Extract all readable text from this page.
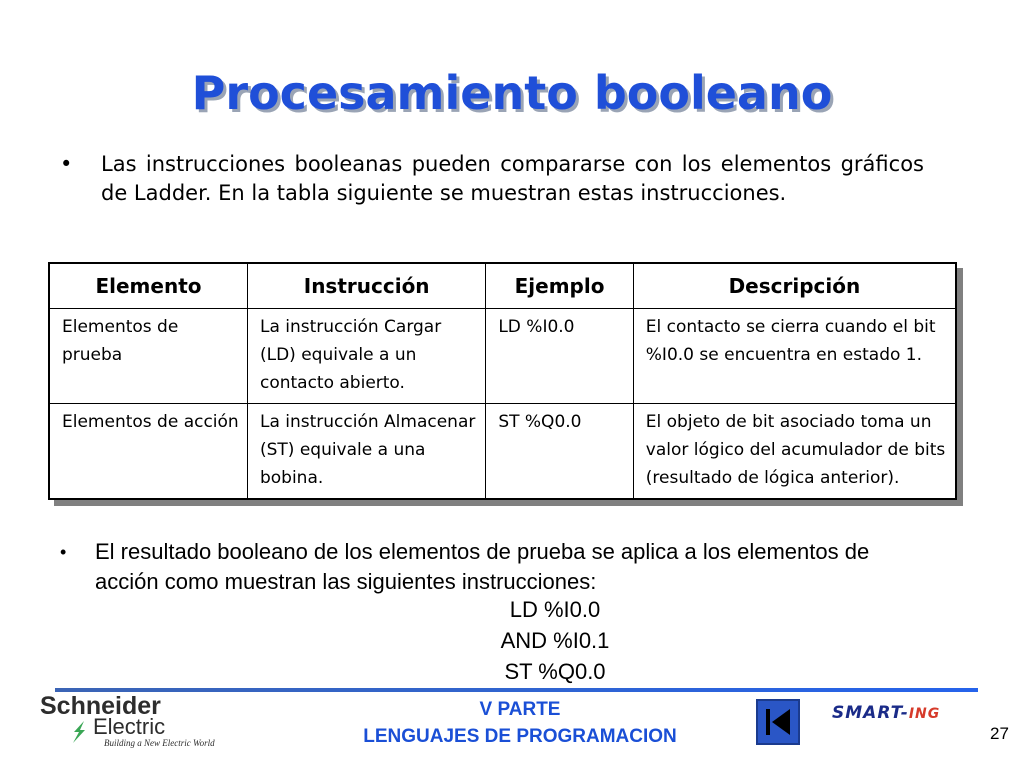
Procesamiento booleano
• Las instrucciones booleanas pueden compararse con los elementos gráficos de Ladder. En la tabla siguiente se muestran estas instrucciones.
Elemento	Instrucción	Ejemplo	Descripción
Elementos de prueba	La instrucción Cargar (LD) equivale a un contacto abierto.	LD %I0.0	El contacto se cierra cuando el bit %I0.0 se encuentra en estado 1.
Elementos de acción	La instrucción Almacenar (ST) equivale a una bobina.	ST %Q0.0	El objeto de bit asociado toma un valor lógico del acumulador de bits (resultado de lógica anterior).
• El resultado booleano de los elementos de prueba se aplica a los elementos de acción como muestran las siguientes instrucciones:
LD %I0.0
AND %I0.1
ST %Q0.0
Schneider
Electric
Building a New Electric World
V PARTE
LENGUAJES DE PROGRAMACION
SMART-ING
27
